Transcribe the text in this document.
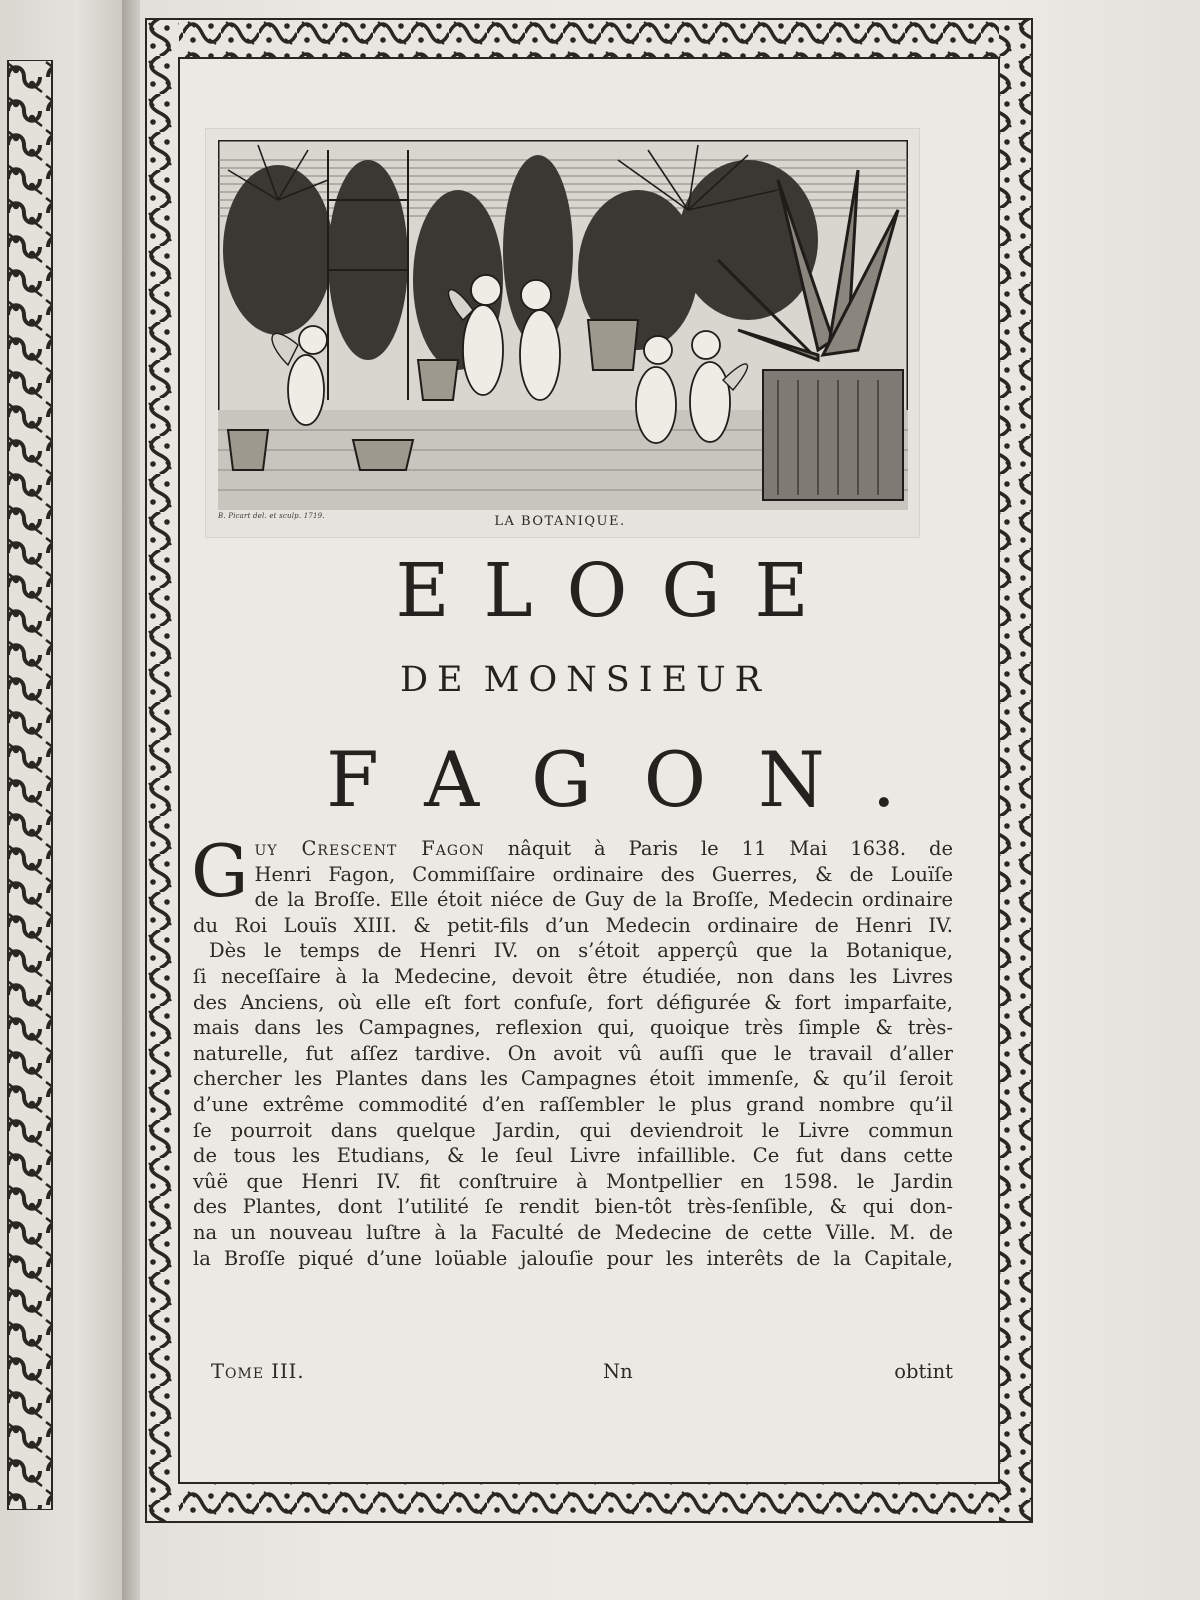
B. Picart del. et sculp. 1719.	LA BOTANIQUE.
ELOGE
DE MONSIEUR
FAGON.
G uy Crescent Fagon nâquit à Paris le 11 Mai 1638. de
Henri Fagon, Commiſſaire ordinaire des Guerres, & de Louïſe
de la Broſſe. Elle étoit niéce de Guy de la Broſſe, Medecin ordinaire
du Roi Louïs XIII. & petit-fils d’un Medecin ordinaire de Henri IV.
Dès le temps de Henri IV. on s’étoit apperçû que la Botanique,
ſi neceſſaire à la Medecine, devoit être étudiée, non dans les Livres
des Anciens, où elle eſt fort confuſe, fort défigurée & fort imparfaite,
mais dans les Campagnes, reflexion qui, quoique très ſimple & très-
naturelle, fut aſſez tardive. On avoit vû auſſi que le travail d’aller
chercher les Plantes dans les Campagnes étoit immenſe, & qu’il ſeroit
d’une extrême commodité d’en raſſembler le plus grand nombre qu’il
ſe pourroit dans quelque Jardin, qui deviendroit le Livre commun
de tous les Etudians, & le ſeul Livre infaillible. Ce fut dans cette
vûë que Henri IV. fit conſtruire à Montpellier en 1598. le Jardin
des Plantes, dont l’utilité ſe rendit bien-tôt très-ſenſible, & qui don-
na un nouveau luſtre à la Faculté de Medecine de cette Ville. M. de
la Broſſe piqué d’une loüable jalouſie pour les interêts de la Capitale,
Tome III.	Nn	obtint
